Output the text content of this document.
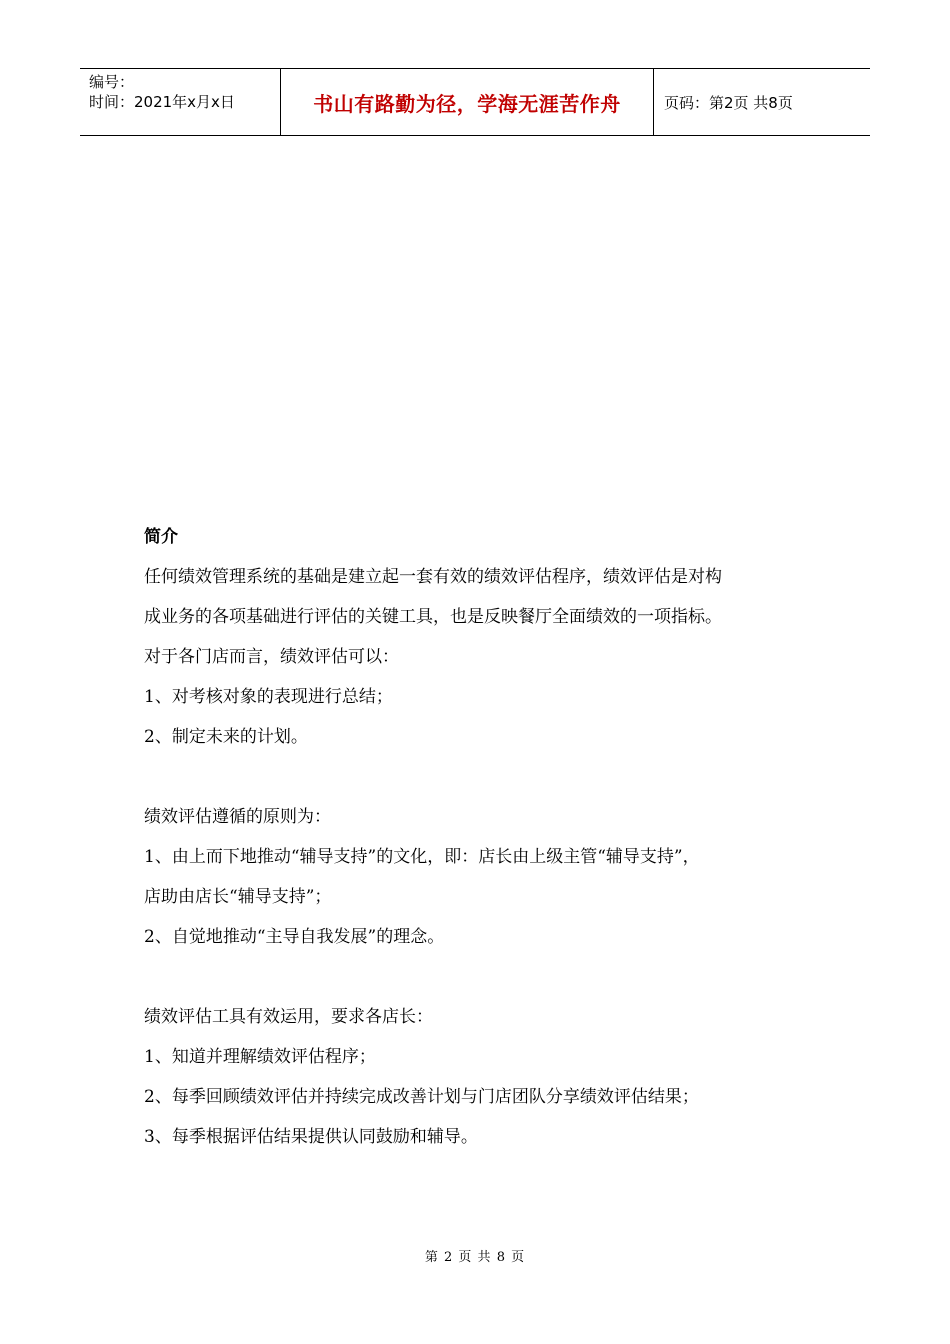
编号：
时间：2021年x月x日	书山有路勤为径，学海无涯苦作舟	页码：第2页 共8页
简介
任何绩效管理系统的基础是建立起一套有效的绩效评估程序，绩效评估是对构
成业务的各项基础进行评估的关键工具，也是反映餐厅全面绩效的一项指标。
对于各门店而言，绩效评估可以：
1、对考核对象的表现进行总结；
2、制定未来的计划。
绩效评估遵循的原则为：
1、由上而下地推动“辅导支持”的文化，即：店长由上级主管“辅导支持”，
店助由店长“辅导支持”；
2、自觉地推动“主导自我发展”的理念。
绩效评估工具有效运用，要求各店长：
1、知道并理解绩效评估程序；
2、每季回顾绩效评估并持续完成改善计划与门店团队分享绩效评估结果；
3、每季根据评估结果提供认同鼓励和辅导。
第 2 页 共 8 页
